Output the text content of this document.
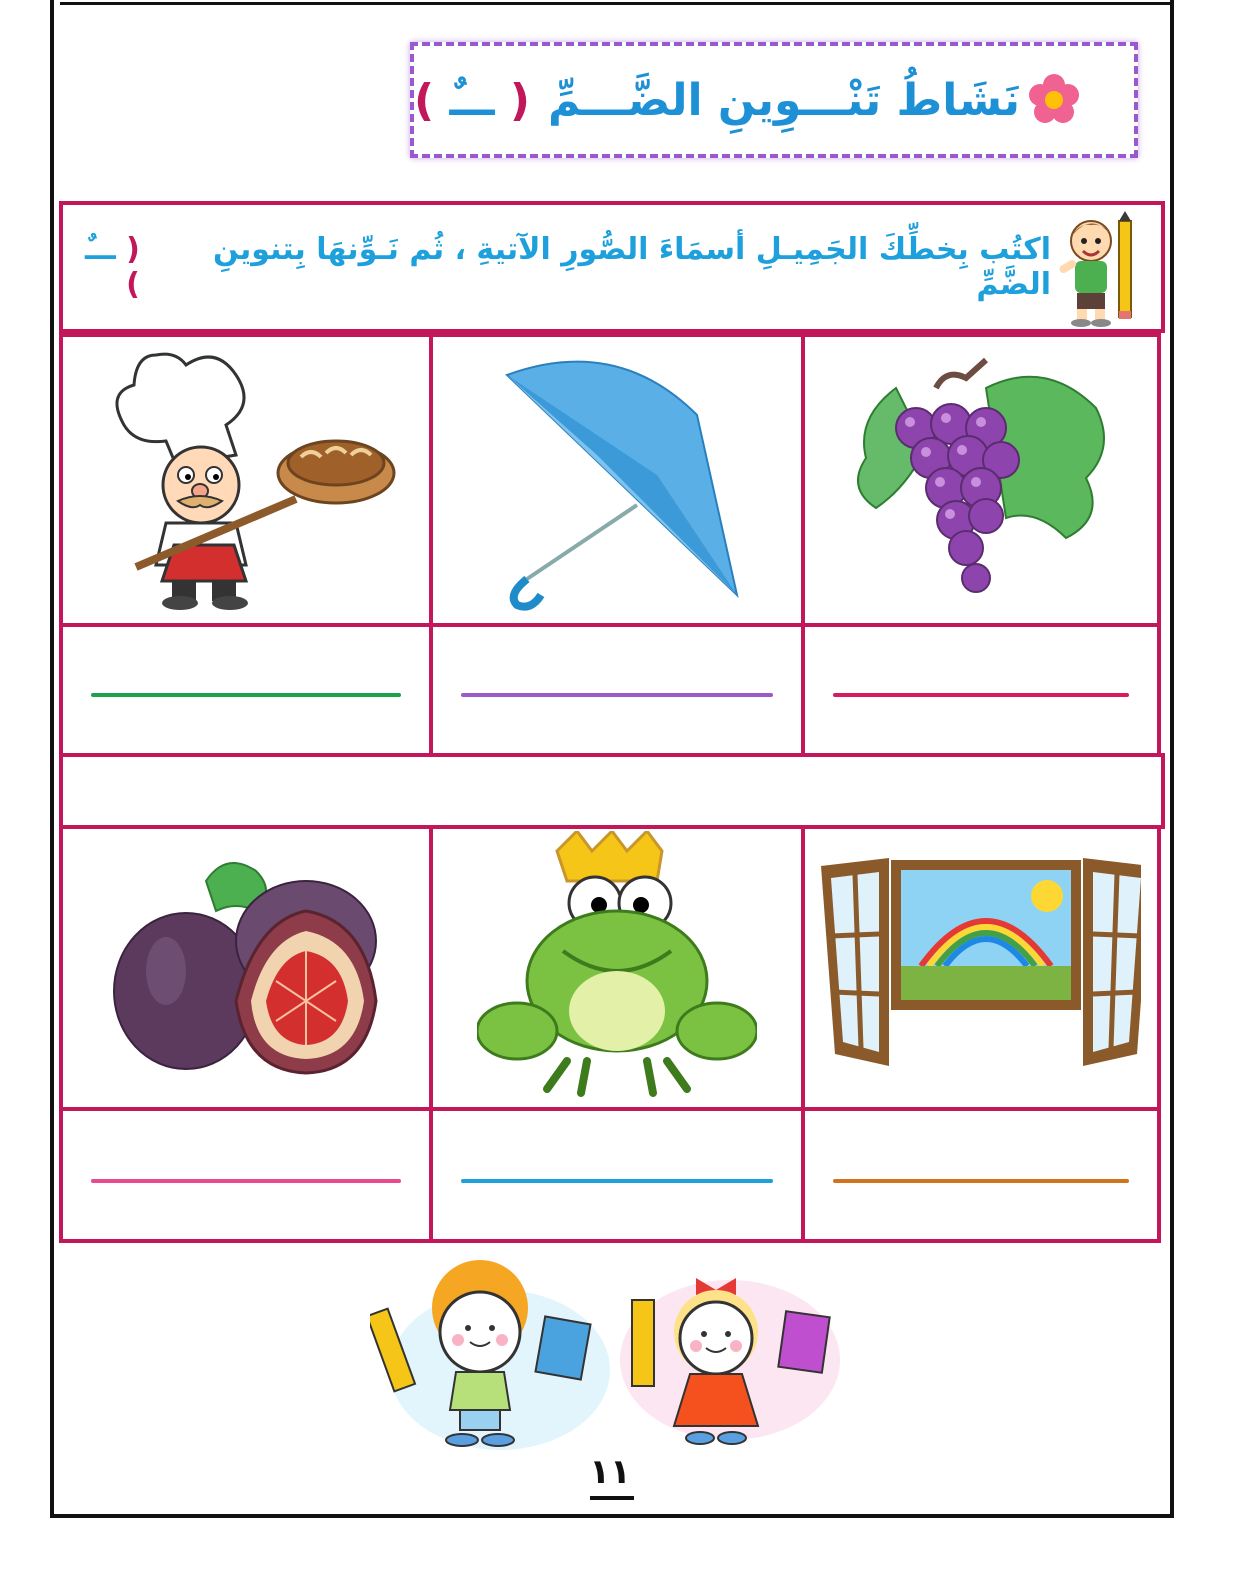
نَشَاطُ تَنْـــوِينِ الضَّـــمِّ
( ـــٌ )
اكتُب بِخطِّكَ الجَمِيـلِ أسمَاءَ الصُّورِ الآتيةِ ، ثُم نَـوِّنهَا بِتنوينِ الضَّمِّ
( ـــٌ )
١١
